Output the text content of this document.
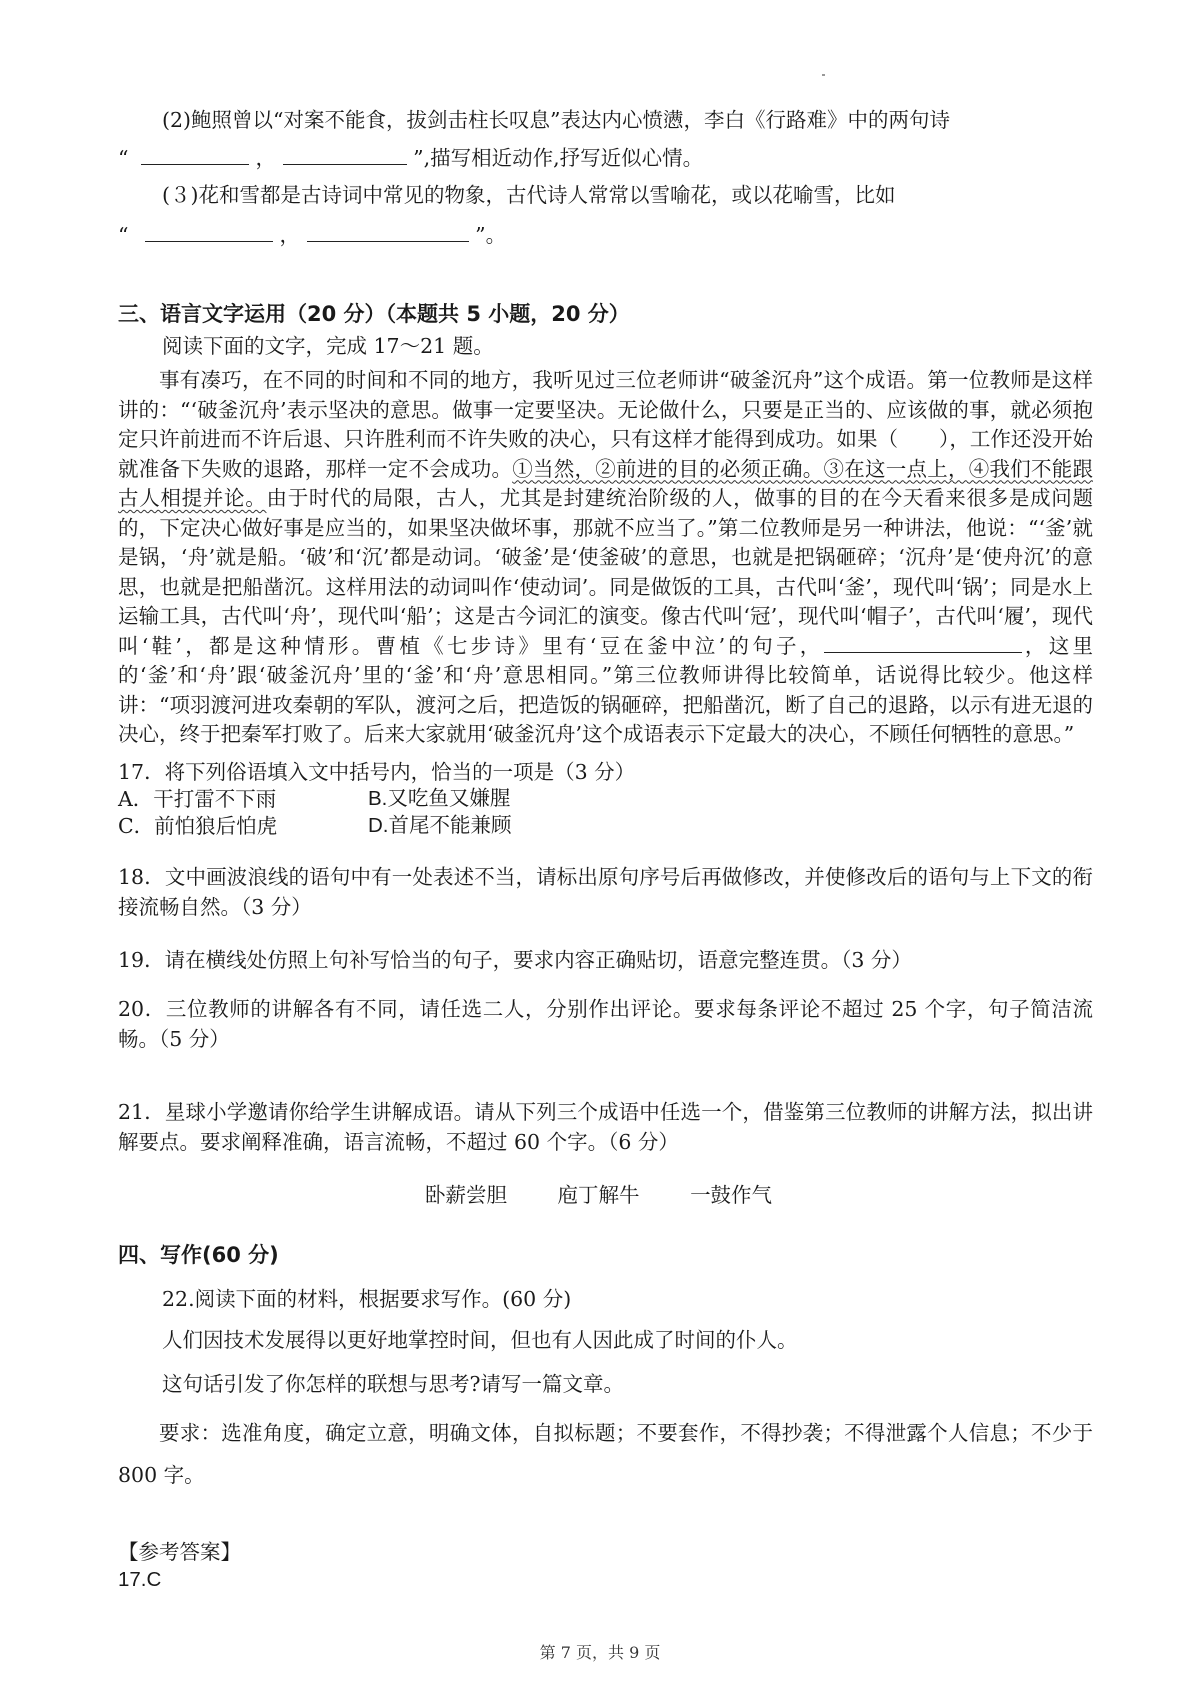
(2)鲍照曾以“对案不能食，拔剑击柱长叹息”表达内心愤懑，李白《行路难》中的两句诗
“	，	”,描写相近动作,抒写近似心情。
(３)花和雪都是古诗词中常见的物象，古代诗人常常以雪喻花，或以花喻雪，比如
“	，	”。
三、语言文字运用（20 分）（本题共 5 小题，20 分）
阅读下面的文字，完成 17～21 题。

事有凑巧，在不同的时间和不同的地方，我听见过三位老师讲“破釜沉舟”这个成语。第一位教师是这样讲的：“‘破釜沉舟’表示坚决的意思。做事一定要坚决。无论做什么，只要是正当的、应该做的事，就必须抱定只许前进而不许后退、只许胜利而不许失败的决心，只有这样才能得到成功。如果（　　），工作还没开始就准备下失败的退路，那样一定不会成功。①当然，②前进的目的必须正确。③在这一点上，④我们不能跟古人相提并论。由于时代的局限，古人，尤其是封建统治阶级的人，做事的目的在今天看来很多是成问题的，下定决心做好事是应当的，如果坚决做坏事，那就不应当了。”第二位教师是另一种讲法，他说：“‘釜’就是锅，‘舟’就是船。‘破’和‘沉’都是动词。‘破釜’是‘使釜破’的意思，也就是把锅砸碎；‘沉舟’是‘使舟沉’的意思，也就是把船凿沉。这样用法的动词叫作‘使动词’。同是做饭的工具，古代叫‘釜’，现代叫‘锅’；同是水上运输工具，古代叫‘舟’，现代叫‘船’；这是古今词汇的演变。像古代叫‘冠’，现代叫‘帽子’，古代叫‘履’，现代叫‘鞋’，都是这种情形。曹植《七步诗》里有‘豆在釜中泣’的句子，	，这里的‘釜’和‘舟’跟‘破釜沉舟’里的‘釜’和‘舟’意思相同。”第三位教师讲得比较简单，话说得比较少。他这样讲：“项羽渡河进攻秦朝的军队，渡河之后，把造饭的锅砸碎，把船凿沉，断了自己的退路，以示有进无退的决心，终于把秦军打败了。后来大家就用‘破釜沉舟’这个成语表示下定最大的决心，不顾任何牺牲的意思。”

17．将下列俗语填入文中括号内，恰当的一项是（3 分）
A．干打雷不下雨	B.又吃鱼又嫌腥
C．前怕狼后怕虎	D.首尾不能兼顾
18．文中画波浪线的语句中有一处表述不当，请标出原句序号后再做修改，并使修改后的语句与上下文的衔接流畅自然。（3 分）
19．请在横线处仿照上句补写恰当的句子，要求内容正确贴切，语意完整连贯。（3 分）
20．三位教师的讲解各有不同，请任选二人，分别作出评论。要求每条评论不超过 25 个字，句子简洁流畅。（5 分）
21．星球小学邀请你给学生讲解成语。请从下列三个成语中任选一个，借鉴第三位教师的讲解方法，拟出讲解要点。要求阐释准确，语言流畅，不超过 60 个字。（6 分）
卧薪尝胆 庖丁解牛 一鼓作气
四、写作(60 分)
22.阅读下面的材料，根据要求写作。(60 分)
人们因技术发展得以更好地掌控时间，但也有人因此成了时间的仆人。
这句话引发了你怎样的联想与思考?请写一篇文章。

要求：选准角度，确定立意，明确文体，自拟标题；不要套作，不得抄袭；不得泄露个人信息；不少于 800 字。

【参考答案】
17.C
第 7 页，共 9 页
